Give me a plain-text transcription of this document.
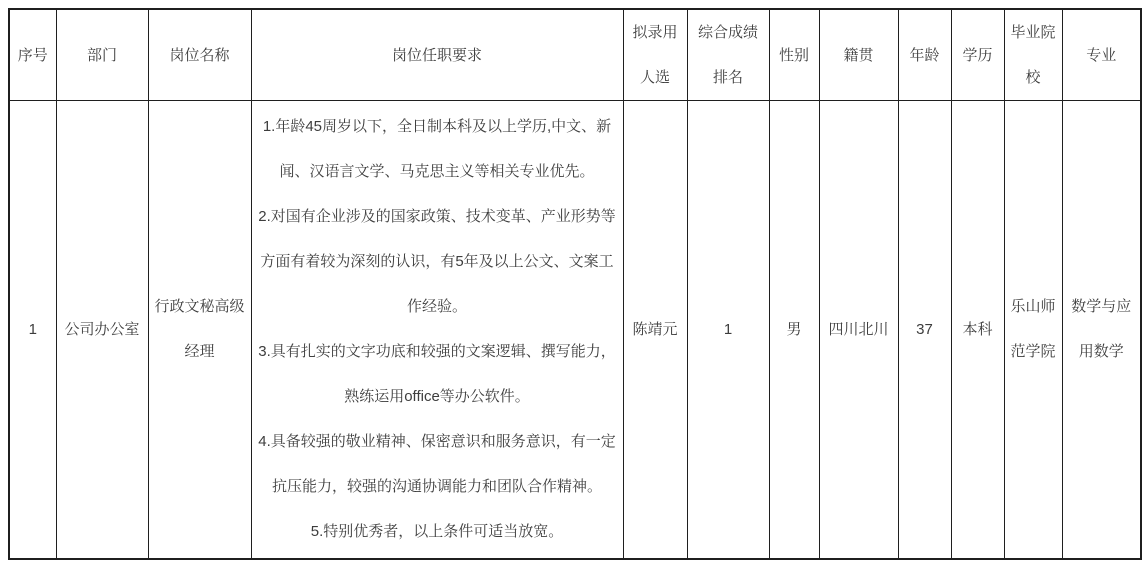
序号	部门	岗位名称	岗位任职要求	拟录用人选	综合成绩排名	性别	籍贯	年龄	学历	毕业院校	专业
1	公司办公室	行政文秘高级经理	1.年龄45周岁以下，全日制本科及以上学历,中文、新闻、汉语言文学、马克思主义等相关专业优先。

2.对国有企业涉及的国家政策、技术变革、产业形势等方面有着较为深刻的认识，有5年及以上公文、文案工作经验。

3.具有扎实的文字功底和较强的文案逻辑、撰写能力，熟练运用office等办公软件。

4.具备较强的敬业精神、保密意识和服务意识，有一定抗压能力，较强的沟通协调能力和团队合作精神。

5.特别优秀者，以上条件可适当放宽。	陈靖元	1	男	四川北川	37	本科	乐山师范学院	数学与应用数学
